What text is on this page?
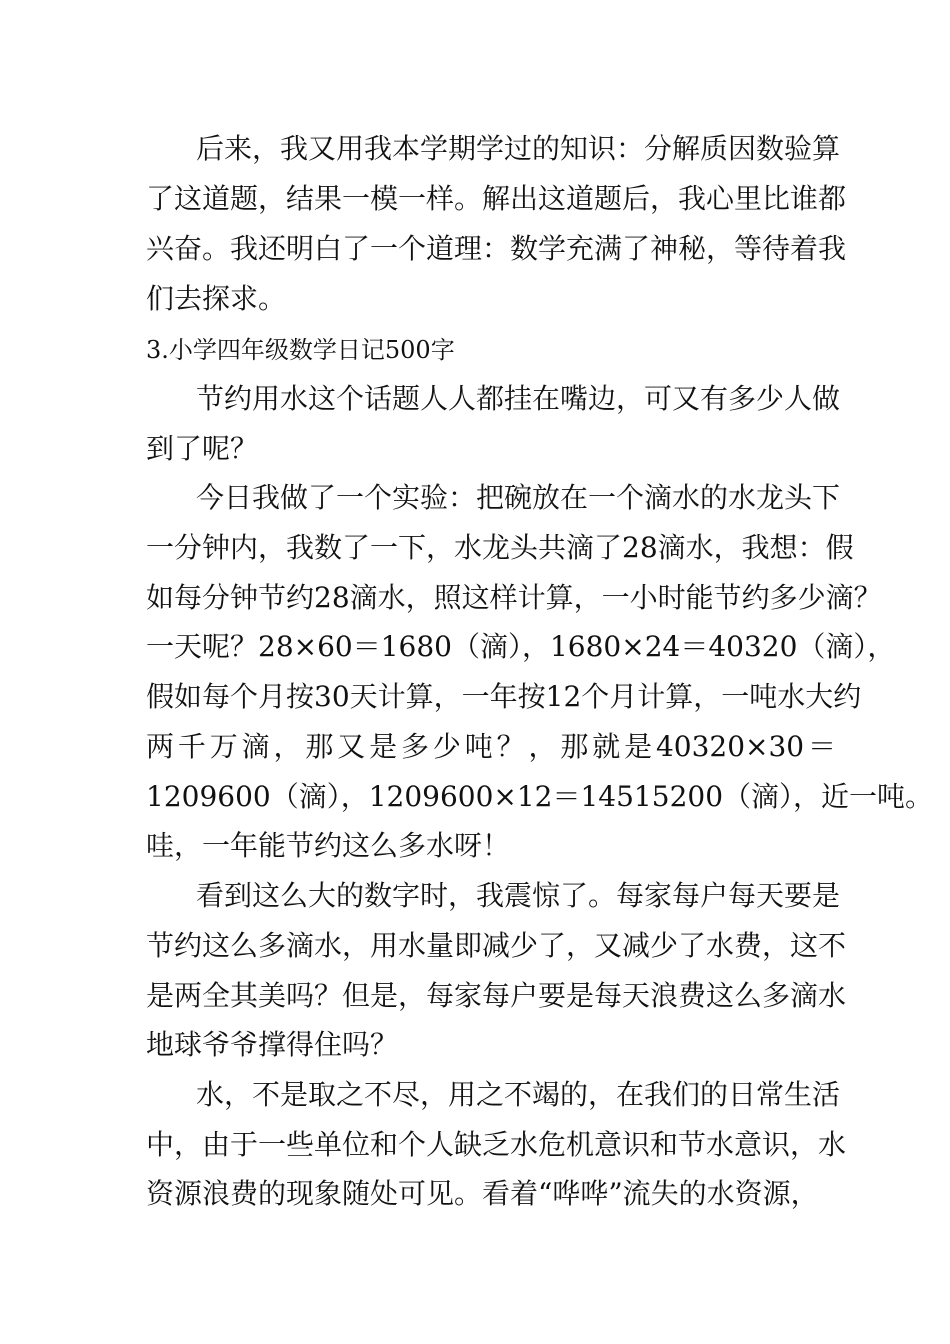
后来，我又用我本学期学过的知识：分解质因数验算
了这道题，结果一模一样。解出这道题后，我心里比谁都
兴奋。我还明白了一个道理：数学充满了神秘，等待着我
们去探求。
3.小学四年级数学日记500字
节约用水这个话题人人都挂在嘴边，可又有多少人做
到了呢？
今日我做了一个实验：把碗放在一个滴水的水龙头下
一分钟内，我数了一下，水龙头共滴了28滴水，我想：假
如每分钟节约28滴水，照这样计算，一小时能节约多少滴？
一天呢？28×60＝1680（滴），1680×24＝40320（滴），
假如每个月按30天计算，一年按12个月计算，一吨水大约
两千万滴，那又是多少吨？，那就是40320×30＝
1209600（滴），1209600×12＝14515200（滴），近一吨。
哇，一年能节约这么多水呀！
看到这么大的数字时，我震惊了。每家每户每天要是
节约这么多滴水，用水量即减少了，又减少了水费，这不
是两全其美吗？但是，每家每户要是每天浪费这么多滴水
地球爷爷撑得住吗？
水，不是取之不尽，用之不竭的，在我们的日常生活
中，由于一些单位和个人缺乏水危机意识和节水意识，水
资源浪费的现象随处可见。看着“哗哗”流失的水资源，
